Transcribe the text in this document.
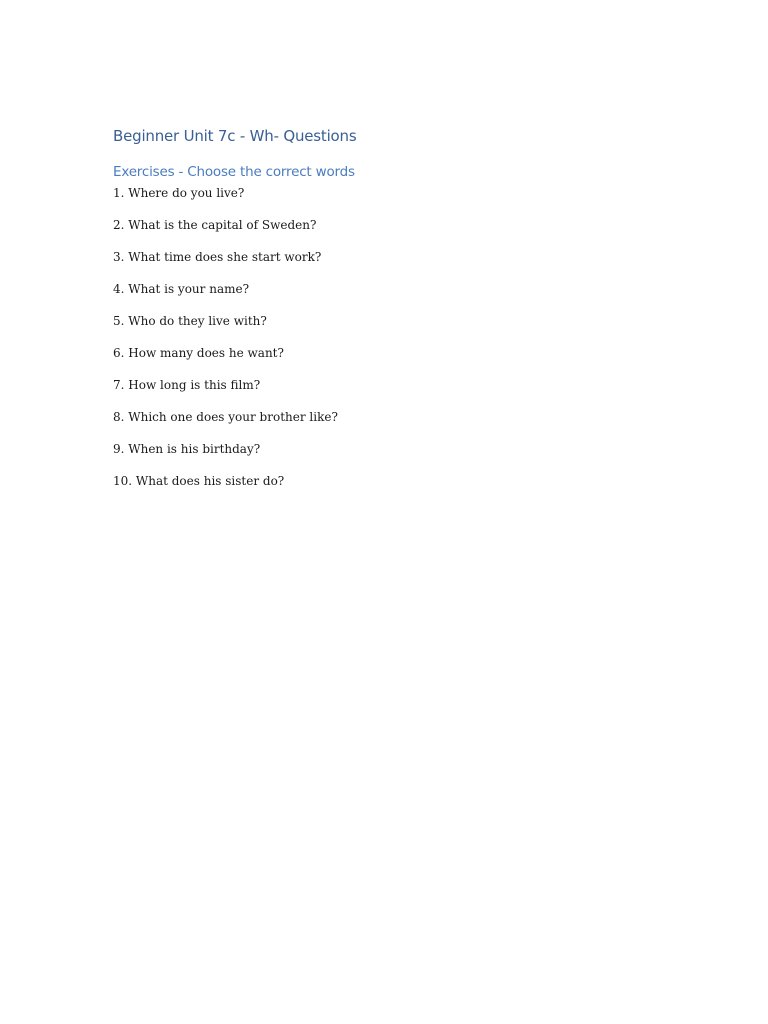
Beginner Unit 7c - Wh- Questions
Exercises - Choose the correct words
1. Where do you live?
2. What is the capital of Sweden?
3. What time does she start work?
4. What is your name?
5. Who do they live with?
6. How many does he want?
7. How long is this film?
8. Which one does your brother like?
9. When is his birthday?
10. What does his sister do?
